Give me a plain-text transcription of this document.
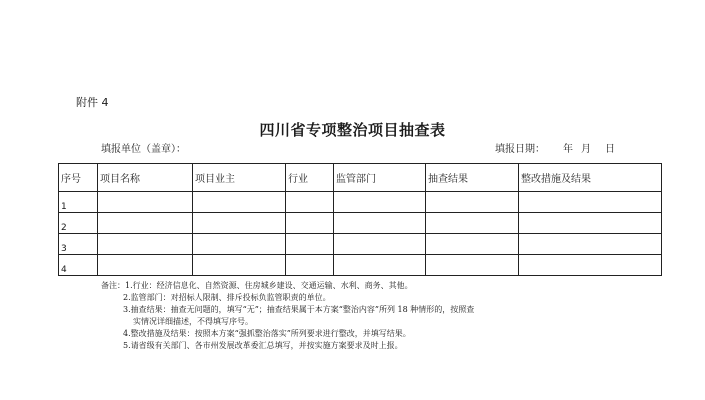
附件 4
四川省专项整治项目抽查表
填报单位（盖章）：	填报日期： 年 月 日
序号	项目名称	项目业主	行业	监管部门	抽查结果	整改措施及结果
1						
2						
3						
4						
备注：1.行业：经济信息化、自然资源、住房城乡建设、交通运输、水利、商务、其他。
2.监管部门：对招标人限制、排斥投标负监管职责的单位。
3.抽查结果：抽查无问题的，填写“无”；抽查结果属于本方案“整治内容”所列 18 种情形的，按照查
实情况详细描述，不得填写序号。
4.整改措施及结果：按照本方案“强抓整治落实”所列要求进行整改，并填写结果。
5.请省级有关部门、各市州发展改革委汇总填写，并按实施方案要求及时上报。
